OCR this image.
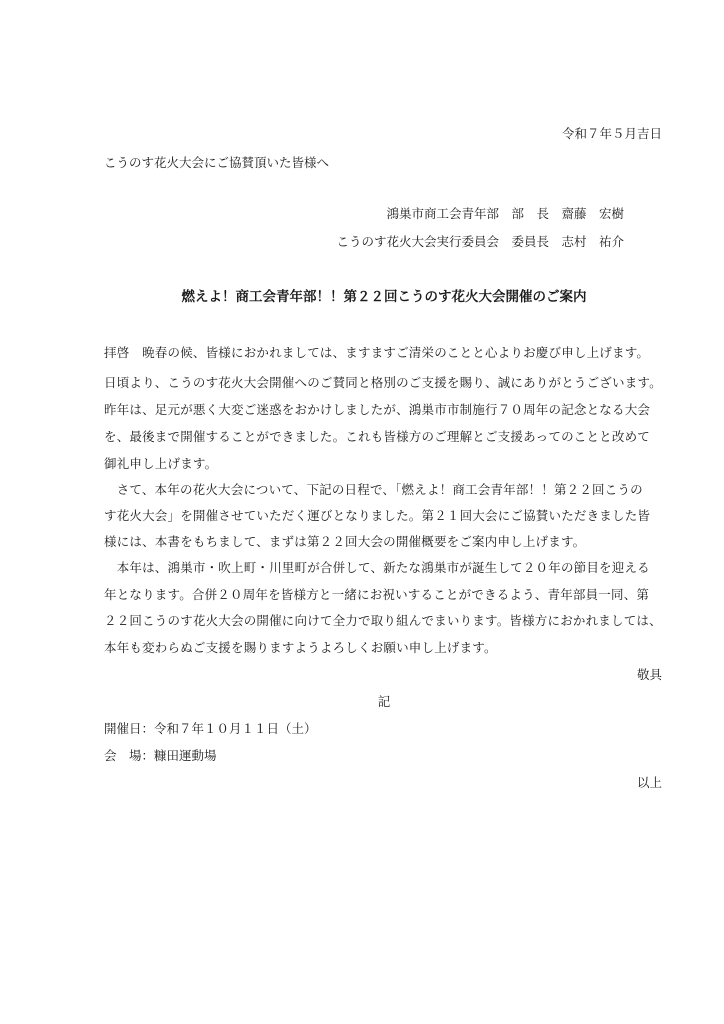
令和７年５月吉日
こうのす花火大会にご協賛頂いた皆様へ
鴻巣市商工会青年部　部　長　齋藤　宏樹
こうのす花火大会実行委員会　委員長　志村　祐介
燃えよ！商工会青年部！！第２２回こうのす花火大会開催のご案内
拝啓　晩春の候、皆様におかれましては、ますますご清栄のことと心よりお慶び申し上げます。
日頃より、こうのす花火大会開催へのご賛同と格別のご支援を賜り、誠にありがとうございます。
昨年は、足元が悪く大変ご迷惑をおかけしましたが、鴻巣市市制施行７０周年の記念となる大会
を、最後まで開催することができました。これも皆様方のご理解とご支援あってのことと改めて
御礼申し上げます。
　さて、本年の花火大会について、下記の日程で、「燃えよ！商工会青年部！！第２２回こうの
す花火大会」を開催させていただく運びとなりました。第２１回大会にご協賛いただきました皆
様には、本書をもちまして、まずは第２２回大会の開催概要をご案内申し上げます。
　本年は、鴻巣市・吹上町・川里町が合併して、新たな鴻巣市が誕生して２０年の節目を迎える
年となります。合併２０周年を皆様方と一緒にお祝いすることができるよう、青年部員一同、第
２２回こうのす花火大会の開催に向けて全力で取り組んでまいります。皆様方におかれましては、
本年も変わらぬご支援を賜りますようよろしくお願い申し上げます。
敬具
記
開催日：令和７年１０月１１日（土）
会　場：糠田運動場
以上
